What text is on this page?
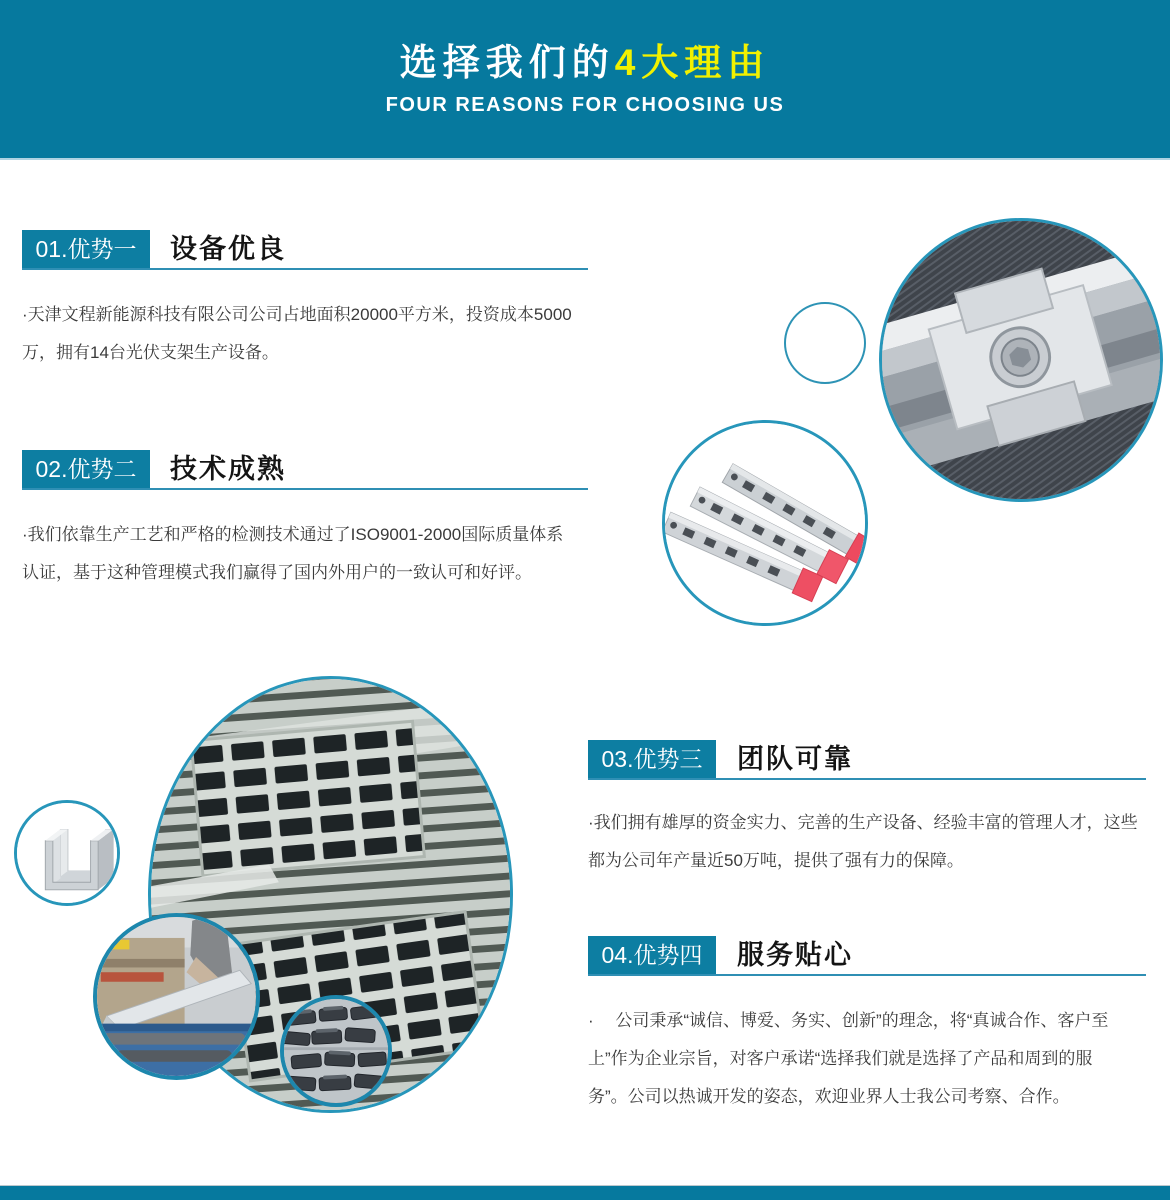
选择我们的4大理由
FOUR REASONS FOR CHOOSING US
01.优势一	设备优良
·天津文程新能源科技有限公司公司占地面积20000平方米，投资成本5000
万，拥有14台光伏支架生产设备。
02.优势二	技术成熟
·我们依靠生产工艺和严格的检测技术通过了ISO9001-2000国际质量体系
认证，基于这种管理模式我们赢得了国内外用户的一致认可和好评。
03.优势三	团队可靠
·我们拥有雄厚的资金实力、完善的生产设备、经验丰富的管理人才，这些
都为公司年产量近50万吨，提供了强有力的保障。
04.优势四	服务贴心
·　 公司秉承“诚信、博爱、务实、创新”的理念，将“真诚合作、客户至
上”作为企业宗旨，对客户承诺“选择我们就是选择了产品和周到的服
务”。公司以热诚开发的姿态，欢迎业界人士我公司考察、合作。
